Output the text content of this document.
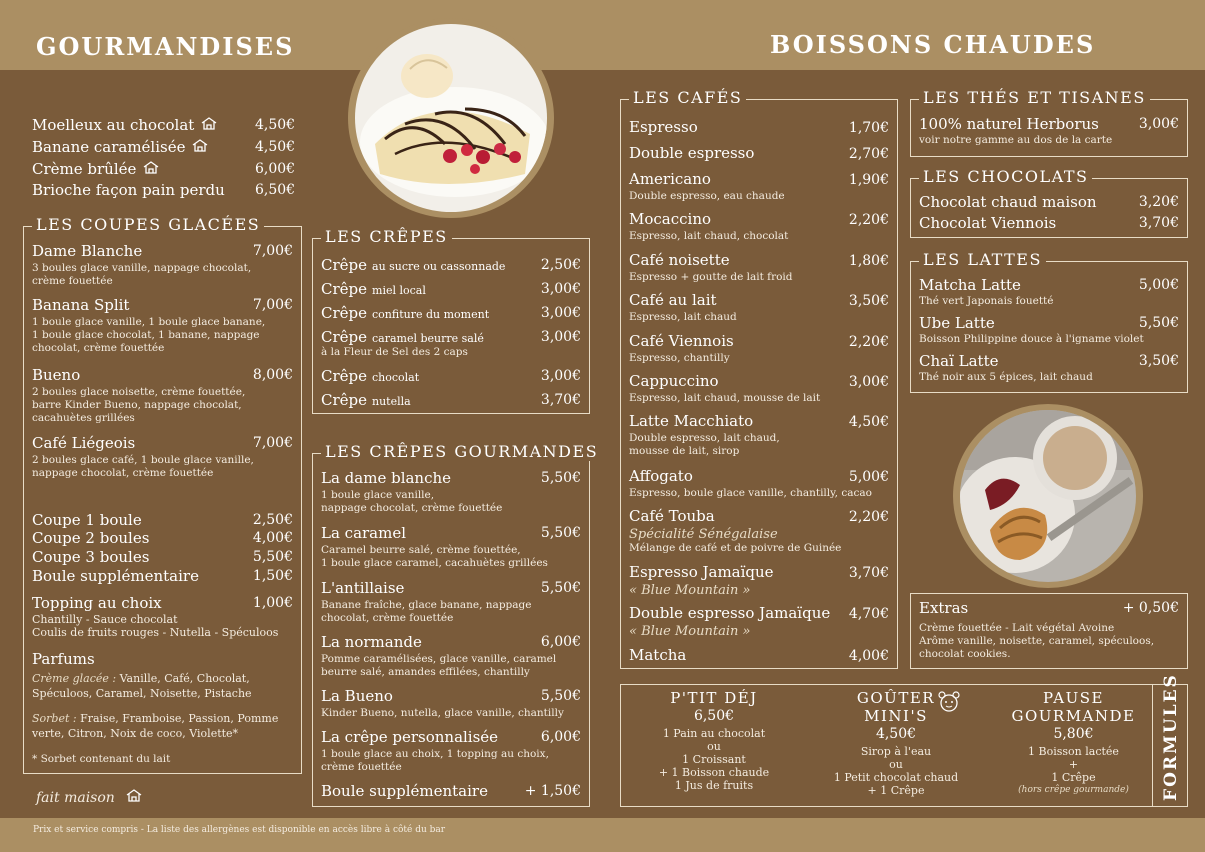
GOURMANDISES	BOISSONS CHAUDES
Moelleux au chocolat	4,50€
Banane caramélisée	4,50€
Crème brûlée	6,00€
Brioche façon pain perdu 6,50€
LES COUPES GLACÉES
Dame Blanche	7,00€
3 boules glace vanille, nappage chocolat,
crème fouettée
Banana Split	7,00€
1 boule glace vanille, 1 boule glace banane,
1 boule glace chocolat, 1 banane, nappage
chocolat, crème fouettée
Bueno	8,00€
2 boules glace noisette, crème fouettée,
barre Kinder Bueno, nappage chocolat,
cacahuètes grillées
Café Liégeois	7,00€
2 boules glace café, 1 boule glace vanille,
nappage chocolat, crème fouettée
Coupe 1 boule	2,50€
Coupe 2 boules	4,00€
Coupe 3 boules	5,50€
Boule supplémentaire	1,50€
Topping au choix	1,00€
Chantilly - Sauce chocolat
Coulis de fruits rouges - Nutella - Spéculoos
Parfums
Crème glacée : Vanille, Café, Chocolat,
Spéculoos, Caramel, Noisette, Pistache
Sorbet : Fraise, Framboise, Passion, Pomme
verte, Citron, Noix de coco, Violette*
* Sorbet contenant du lait
LES CRÊPES
Crêpe au sucre ou cassonnade	2,50€
Crêpe miel local	3,00€
Crêpe confiture du moment	3,00€
Crêpe caramel beurre salé	3,00€
à la Fleur de Sel des 2 caps
Crêpe chocolat	3,00€
Crêpe nutella	3,70€
LES CRÊPES GOURMANDES
La dame blanche	5,50€
1 boule glace vanille,
nappage chocolat, crème fouettée
La caramel	5,50€
Caramel beurre salé, crème fouettée,
1 boule glace caramel, cacahuètes grillées
L'antillaise	5,50€
Banane fraîche, glace banane, nappage
chocolat, crème fouettée
La normande	6,00€
Pomme caramélisées, glace vanille, caramel
beurre salé, amandes effilées, chantilly
La Bueno	5,50€
Kinder Bueno, nutella, glace vanille, chantilly
La crêpe personnalisée	6,00€
1 boule glace au choix, 1 topping au choix,
crème fouettée
Boule supplémentaire	+ 1,50€
LES CAFÉS
Espresso	1,70€
Double espresso	2,70€
Americano	1,90€
Double espresso, eau chaude
Mocaccino	2,20€
Espresso, lait chaud, chocolat
Café noisette	1,80€
Espresso + goutte de lait froid
Café au lait	3,50€
Espresso, lait chaud
Café Viennois	2,20€
Espresso, chantilly
Cappuccino	3,00€
Espresso, lait chaud, mousse de lait
Latte Macchiato	4,50€
Double espresso, lait chaud,
mousse de lait, sirop
Affogato	5,00€
Espresso, boule glace vanille, chantilly, cacao
Café Touba	2,20€
Spécialité Sénégalaise
Mélange de café et de poivre de Guinée
Espresso Jamaïque	3,70€
« Blue Mountain »
Double espresso Jamaïque 4,70€
« Blue Mountain »
Matcha	4,00€
LES THÉS ET TISANES
100% naturel Herborus	3,00€
voir notre gamme au dos de la carte
LES CHOCOLATS
Chocolat chaud maison	3,20€
Chocolat Viennois	3,70€
LES LATTES
Matcha Latte	5,00€
Thé vert Japonais fouetté
Ube Latte	5,50€
Boisson Philippine douce à l'igname violet
Chaï Latte	3,50€
Thé noir aux 5 épices, lait chaud
Extras	+ 0,50€
Crème fouettée - Lait végétal Avoine
Arôme vanille, noisette, caramel, spéculoos,
chocolat cookies.
P'TIT DÉJ
6,50€
1 Pain au chocolat
ou
1 Croissant
+ 1 Boisson chaude
1 Jus de fruits
GOÛTER
MINI'S
4,50€
Sirop à l'eau
ou
1 Petit chocolat chaud
+ 1 Crêpe
PAUSE
GOURMANDE
5,80€
1 Boisson lactée
+
1 Crêpe
(hors crêpe gourmande)	FORMULES
fait maison
Prix et service compris - La liste des allergènes est disponible en accès libre à côté du bar
